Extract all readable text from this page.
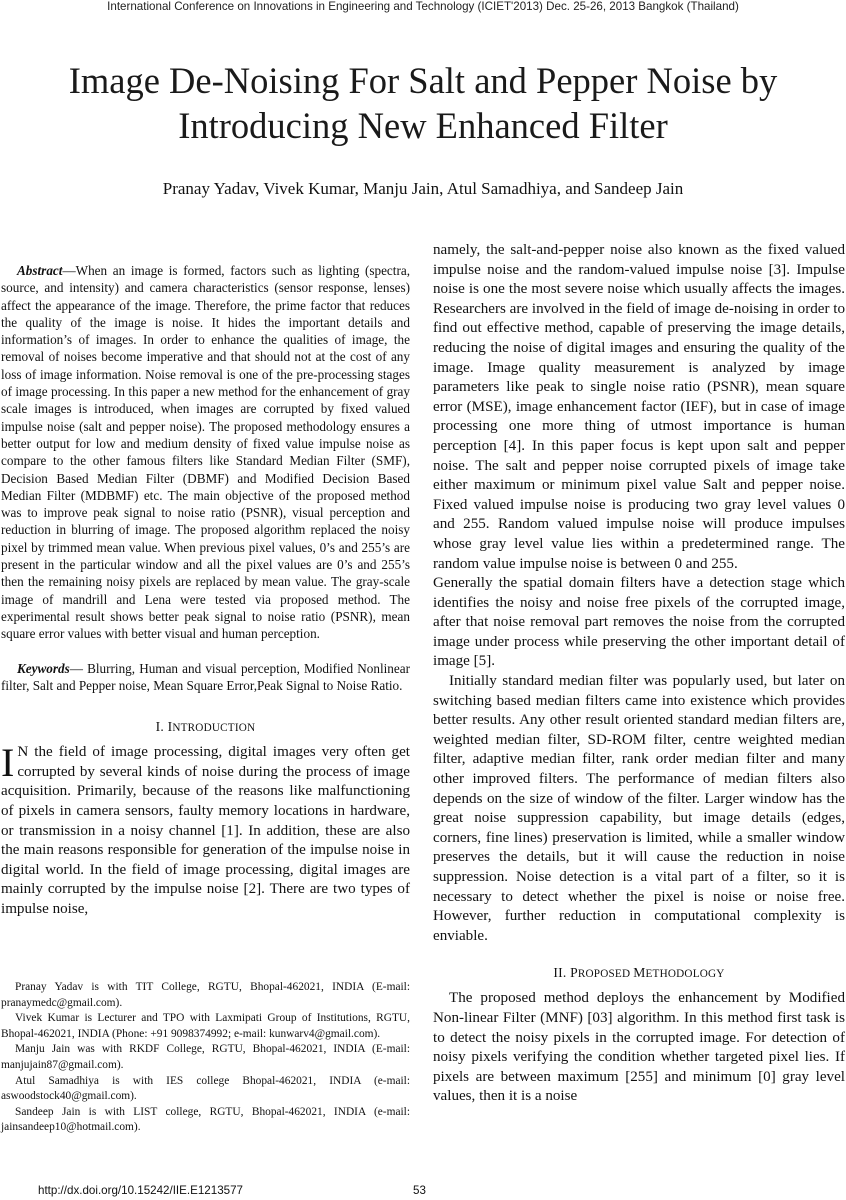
International Conference on Innovations in Engineering and Technology (ICIET'2013) Dec. 25-26, 2013 Bangkok (Thailand)
Image De-Noising For Salt and Pepper Noise by Introducing New Enhanced Filter
Pranay Yadav, Vivek Kumar, Manju Jain, Atul Samadhiya, and Sandeep Jain

Abstract—When an image is formed, factors such as lighting (spectra, source, and intensity) and camera characteristics (sensor response, lenses) affect the appearance of the image. Therefore, the prime factor that reduces the quality of the image is noise. It hides the important details and information’s of images. In order to enhance the qualities of image, the removal of noises become imperative and that should not at the cost of any loss of image information. Noise removal is one of the pre-processing stages of image processing. In this paper a new method for the enhancement of gray scale images is introduced, when images are corrupted by fixed valued impulse noise (salt and pepper noise). The proposed methodology ensures a better output for low and medium density of fixed value impulse noise as compare to the other famous filters like Standard Median Filter (SMF), Decision Based Median Filter (DBMF) and Modified Decision Based Median Filter (MDBMF) etc. The main objective of the proposed method was to improve peak signal to noise ratio (PSNR), visual perception and reduction in blurring of image. The proposed algorithm replaced the noisy pixel by trimmed mean value. When previous pixel values, 0’s and 255’s are present in the particular window and all the pixel values are 0’s and 255’s then the remaining noisy pixels are replaced by mean value. The gray-scale image of mandrill and Lena were tested via proposed method. The experimental result shows better peak signal to noise ratio (PSNR), mean square error values with better visual and human perception.

Keywords— Blurring, Human and visual perception, Modified Nonlinear filter, Salt and Pepper noise, Mean Square Error,Peak Signal to Noise Ratio.

I. INTRODUCTION

I N the field of image processing, digital images very often get corrupted by several kinds of noise during the process of image acquisition. Primarily, because of the reasons like malfunctioning of pixels in camera sensors, faulty memory locations in hardware, or transmission in a noisy channel [1]. In addition, these are also the main reasons responsible for generation of the impulse noise in digital world. In the field of image processing, digital images are mainly corrupted by the impulse noise [2]. There are two types of impulse noise,

Pranay Yadav is with TIT College, RGTU, Bhopal-462021, INDIA (E-mail: pranaymedc@gmail.com).

Vivek Kumar is Lecturer and TPO with Laxmipati Group of Institutions, RGTU, Bhopal-462021, INDIA (Phone: +91 9098374992; e-mail: kunwarv4@gmail.com).

Manju Jain was with RKDF College, RGTU, Bhopal-462021, INDIA (E-mail: manjujain87@gmail.com).

Atul Samadhiya is with IES college Bhopal-462021, INDIA (e-mail: aswoodstock40@gmail.com).

Sandeep Jain is with LIST college, RGTU, Bhopal-462021, INDIA (e-mail: jainsandeep10@hotmail.com).

namely, the salt-and-pepper noise also known as the fixed valued impulse noise and the random-valued impulse noise [3]. Impulse noise is one the most severe noise which usually affects the images. Researchers are involved in the field of image de-noising in order to find out effective method, capable of preserving the image details, reducing the noise of digital images and ensuring the quality of the image. Image quality measurement is analyzed by image parameters like peak to single noise ratio (PSNR), mean square error (MSE), image enhancement factor (IEF), but in case of image processing one more thing of utmost importance is human perception [4]. In this paper focus is kept upon salt and pepper noise. The salt and pepper noise corrupted pixels of image take either maximum or minimum pixel value Salt and pepper noise. Fixed valued impulse noise is producing two gray level values 0 and 255. Random valued impulse noise will produce impulses whose gray level value lies within a predetermined range. The random value impulse noise is between 0 and 255.

Generally the spatial domain filters have a detection stage which identifies the noisy and noise free pixels of the corrupted image, after that noise removal part removes the noise from the corrupted image under process while preserving the other important detail of image [5].

Initially standard median filter was popularly used, but later on switching based median filters came into existence which provides better results. Any other result oriented standard median filters are, weighted median filter, SD-ROM filter, centre weighted median filter, adaptive median filter, rank order median filter and many other improved filters. The performance of median filters also depends on the size of window of the filter. Larger window has the great noise suppression capability, but image details (edges, corners, fine lines) preservation is limited, while a smaller window preserves the details, but it will cause the reduction in noise suppression. Noise detection is a vital part of a filter, so it is necessary to detect whether the pixel is noise or noise free. However, further reduction in computational complexity is enviable.

II. PROPOSED METHODOLOGY

The proposed method deploys the enhancement by Modified Non-linear Filter (MNF) [03] algorithm. In this method first task is to detect the noisy pixels in the corrupted image. For detection of noisy pixels verifying the condition whether targeted pixel lies. If pixels are between maximum [255] and minimum [0] gray level values, then it is a noise

http://dx.doi.org/10.15242/IIE.E1213577	53
